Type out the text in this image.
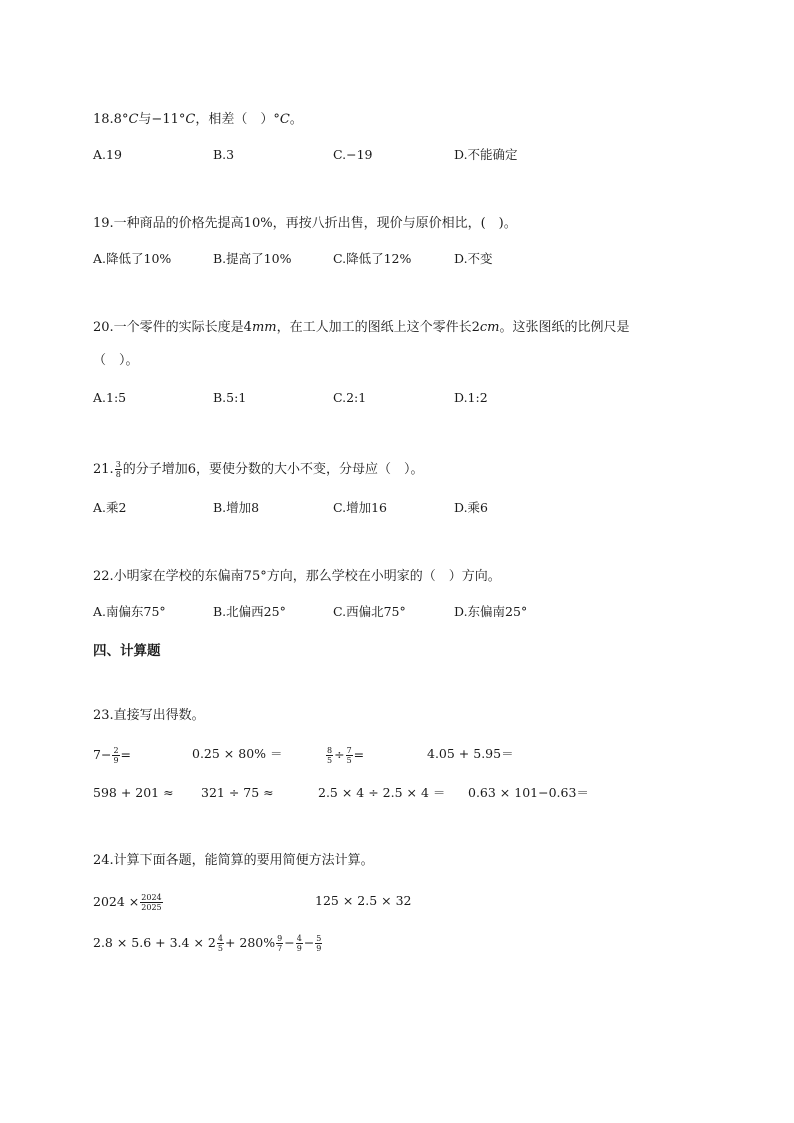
18.8°C与−11°C，相差（　）°C。
A.19	B.3	C.−19	D.不能确定
19.一种商品的价格先提高10%，再按八折出售，现价与原价相比，(　)。
A.降低了10%	B.提高了10%	C.降低了12%	D.不变
20.一个零件的实际长度是4mm，在工人加工的图纸上这个零件长2cm。这张图纸的比例尺是
（　）。
A.1:5	B.5:1	C.2:1	D.1:2
21. $\frac{3}{8}$ 的分子增加6，要使分数的大小不变，分母应（　）。
A.乘2	B.增加8	C.增加16	D.乘6
22.小明家在学校的东偏南75°方向，那么学校在小明家的（　）方向。
A.南偏东75°	B.北偏西25°	C.西偏北75°	D.东偏南25°
四、计算题
23.直接写出得数。
$7- \frac{2}{9}$ =	0.25 × 80% ＝	$\frac{8}{5} \div \frac{7}{5}$ =	4.05 + 5.95＝
598 + 201 ≈ 321 ÷ 75 ≈	2.5 × 4 ÷ 2.5 × 4 ＝ 0.63 × 101−0.63＝
24.计算下面各题，能简算的要用简便方法计算。
$2024 \times \frac{2024}{2025}$	125 × 2.5 × 32
$2.8 \times 5.6 + 3.4 \times 2 \frac{4}{5} + 280\% \frac{9}{7} - \frac{4}{9} - \frac{5}{9}$
